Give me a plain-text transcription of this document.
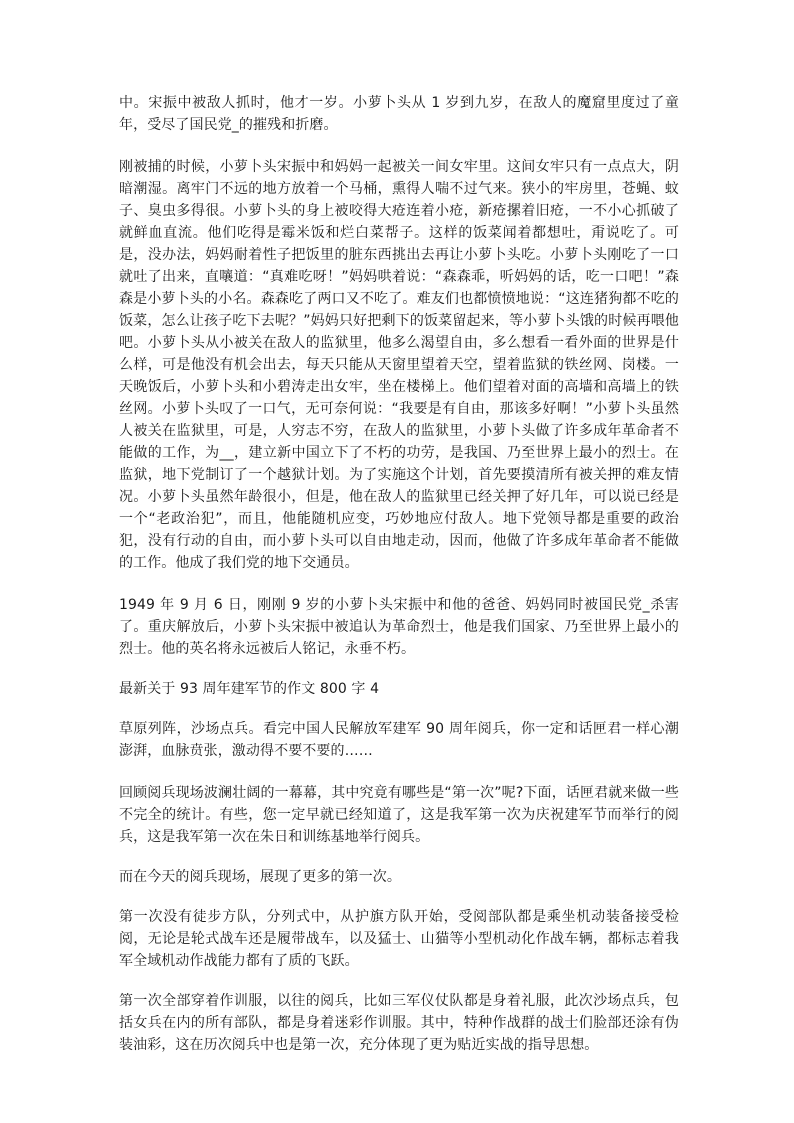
中。宋振中被敌人抓时，他才一岁。小萝卜头从 1 岁到九岁，在敌人的魔窟里度过了童年，受尽了国民党_的摧残和折磨。

刚被捕的时候，小萝卜头宋振中和妈妈一起被关一间女牢里。这间女牢只有一点点大，阴暗潮湿。离牢门不远的地方放着一个马桶，熏得人喘不过气来。狭小的牢房里，苍蝇、蚊子、臭虫多得很。小萝卜头的身上被咬得大疮连着小疮，新疮摞着旧疮，一不小心抓破了就鲜血直流。他们吃得是霉米饭和烂白菜帮子。这样的饭菜闻着都想吐，甭说吃了。可是，没办法，妈妈耐着性子把饭里的脏东西挑出去再让小萝卜头吃。小萝卜头刚吃了一口就吐了出来，直嚷道：“真难吃呀！”妈妈哄着说：“森森乖，听妈妈的话，吃一口吧！”森森是小萝卜头的小名。森森吃了两口又不吃了。难友们也都愤愤地说：“这连猪狗都不吃的饭菜，怎么让孩子吃下去呢？”妈妈只好把剩下的饭菜留起来，等小萝卜头饿的时候再喂他吧。小萝卜头从小被关在敌人的监狱里，他多么渴望自由，多么想看一看外面的世界是什么样，可是他没有机会出去，每天只能从天窗里望着天空，望着监狱的铁丝网、岗楼。一天晚饭后，小萝卜头和小碧涛走出女牢，坐在楼梯上。他们望着对面的高墙和高墙上的铁丝网。小萝卜头叹了一口气，无可奈何说：“我要是有自由，那该多好啊！”小萝卜头虽然人被关在监狱里，可是，人穷志不穷，在敌人的监狱里，小萝卜头做了许多成年革命者不能做的工作，为__，建立新中国立下了不朽的功劳，是我国、乃至世界上最小的烈士。在监狱，地下党制订了一个越狱计划。为了实施这个计划，首先要摸清所有被关押的难友情况。小萝卜头虽然年龄很小，但是，他在敌人的监狱里已经关押了好几年，可以说已经是一个“老政治犯”，而且，他能随机应变，巧妙地应付敌人。地下党领导都是重要的政治犯，没有行动的自由，而小萝卜头可以自由地走动，因而，他做了许多成年革命者不能做的工作。他成了我们党的地下交通员。

1949 年 9 月 6 日，刚刚 9 岁的小萝卜头宋振中和他的爸爸、妈妈同时被国民党_杀害了。重庆解放后，小萝卜头宋振中被追认为革命烈士，他是我们国家、乃至世界上最小的烈士。他的英名将永远被后人铭记，永垂不朽。

最新关于 93 周年建军节的作文 800 字 4

草原列阵，沙场点兵。看完中国人民解放军建军 90 周年阅兵，你一定和话匣君一样心潮澎湃，血脉贲张，激动得不要不要的……

回顾阅兵现场波澜壮阔的一幕幕，其中究竟有哪些是“第一次”呢?下面，话匣君就来做一些不完全的统计。有些，您一定早就已经知道了，这是我军第一次为庆祝建军节而举行的阅兵，这是我军第一次在朱日和训练基地举行阅兵。

而在今天的阅兵现场，展现了更多的第一次。

第一次没有徒步方队，分列式中，从护旗方队开始，受阅部队都是乘坐机动装备接受检阅，无论是轮式战车还是履带战车，以及猛士、山猫等小型机动化作战车辆，都标志着我军全域机动作战能力都有了质的飞跃。

第一次全部穿着作训服，以往的阅兵，比如三军仪仗队都是身着礼服，此次沙场点兵，包括女兵在内的所有部队，都是身着迷彩作训服。其中，特种作战群的战士们脸部还涂有伪装油彩，这在历次阅兵中也是第一次，充分体现了更为贴近实战的指导思想。
